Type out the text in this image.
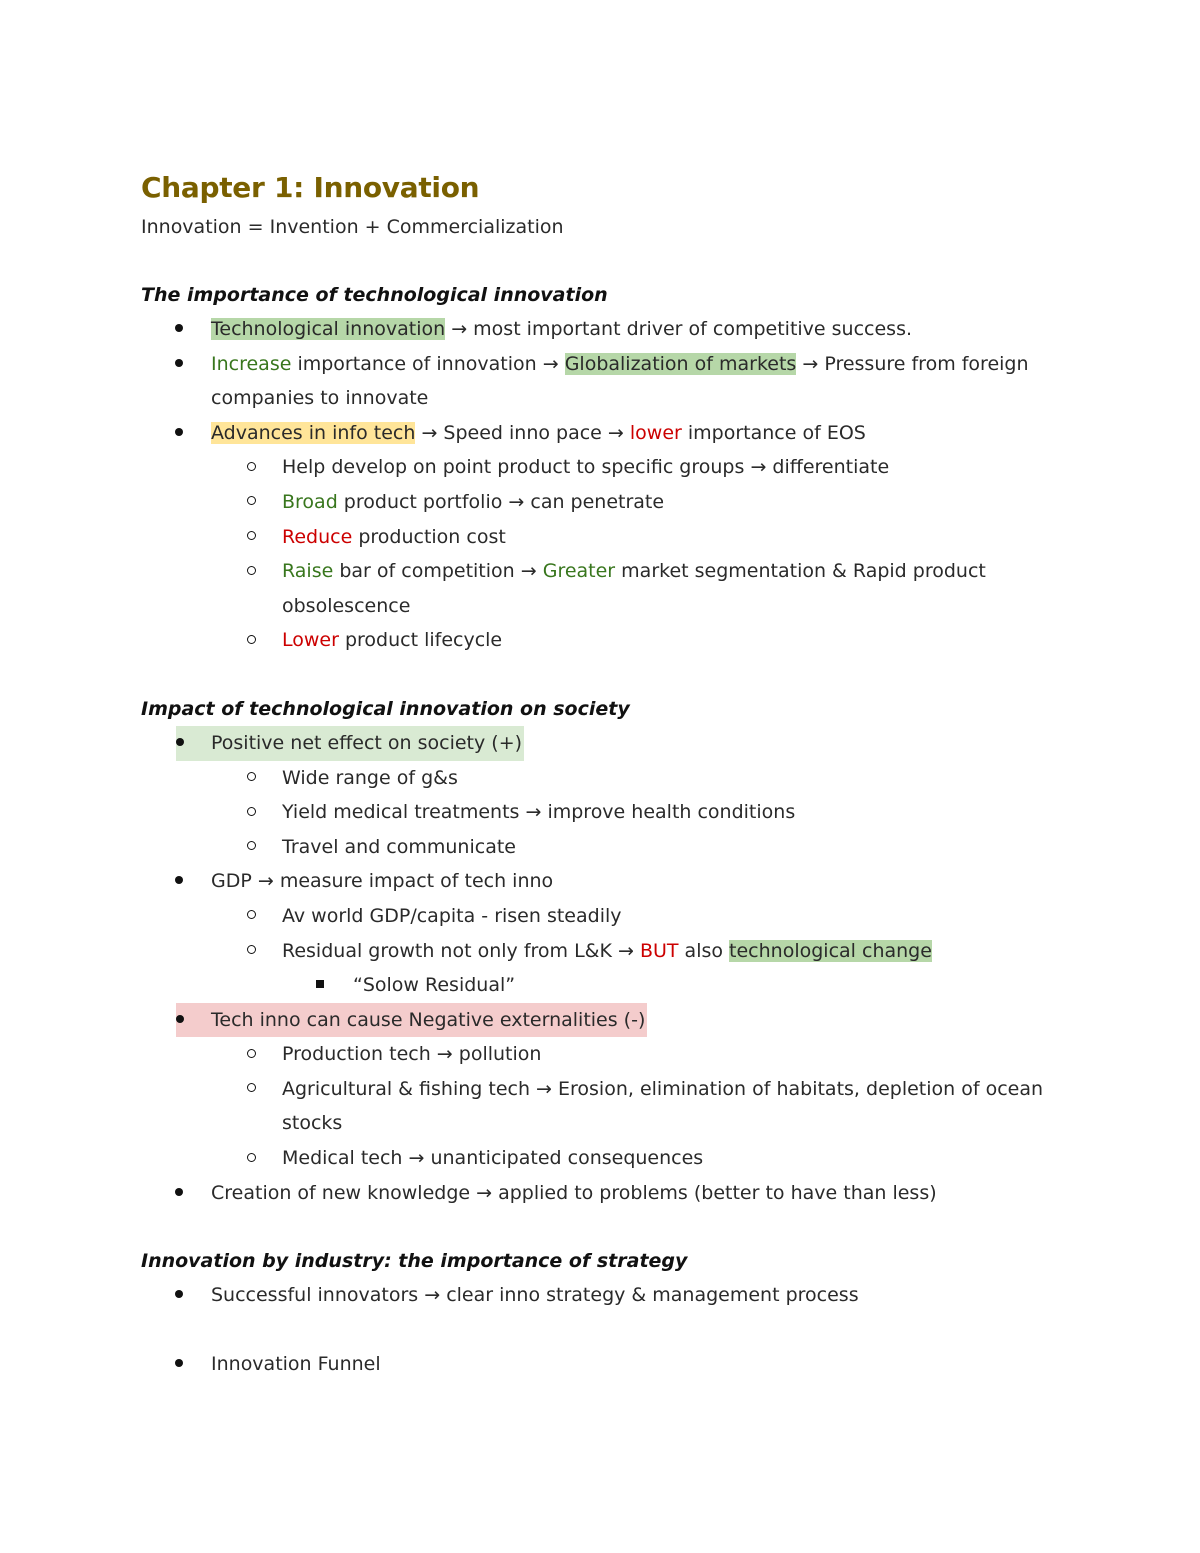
Chapter 1: Innovation
Innovation = Invention + Commercialization
The importance of technological innovation
Technological innovation → most important driver of competitive success.
Increase importance of innovation → Globalization of markets → Pressure from foreign companies to innovate
Advances in info tech → Speed inno pace → lower importance of EOS
Help develop on point product to specific groups → differentiate
Broad product portfolio → can penetrate
Reduce production cost
Raise bar of competition → Greater market segmentation & Rapid product obsolescence
Lower product lifecycle
Impact of technological innovation on society
Positive net effect on society (+)
Wide range of g&s
Yield medical treatments → improve health conditions
Travel and communicate
GDP → measure impact of tech inno
Av world GDP/capita - risen steadily
Residual growth not only from L&K → BUT also technological change
“Solow Residual”
Tech inno can cause Negative externalities (-)
Production tech → pollution
Agricultural & fishing tech → Erosion, elimination of habitats, depletion of ocean stocks
Medical tech → unanticipated consequences
Creation of new knowledge → applied to problems (better to have than less)
Innovation by industry: the importance of strategy
Successful innovators → clear inno strategy & management process
Innovation Funnel
